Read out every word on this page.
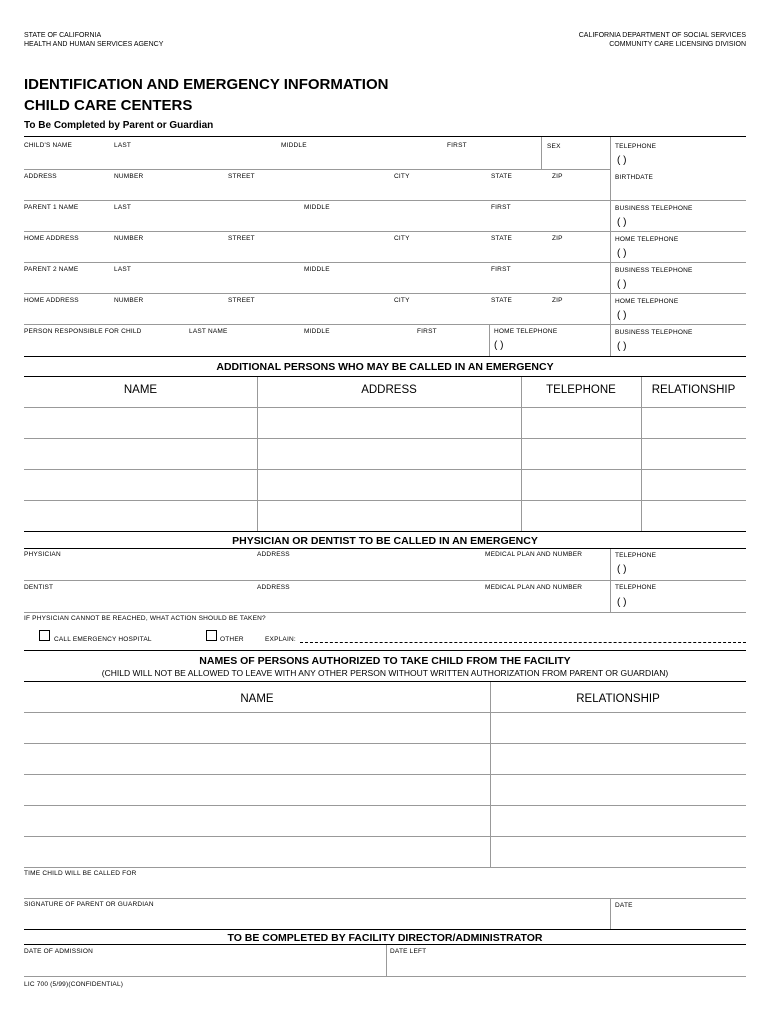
STATE OF CALIFORNIA
HEALTH AND HUMAN SERVICES AGENCY
CALIFORNIA DEPARTMENT OF SOCIAL SERVICES
COMMUNITY CARE LICENSING DIVISION
IDENTIFICATION AND EMERGENCY INFORMATION
CHILD CARE CENTERS
To Be Completed by Parent or Guardian
CHILD'S NAME	LAST	MIDDLE	FIRST	SEX	TELEPHONE
( )
ADDRESS	NUMBER	STREET	CITY	STATE	ZIP	BIRTHDATE
PARENT 1 NAME	LAST	MIDDLE	FIRST	BUSINESS TELEPHONE
( )
HOME ADDRESS	NUMBER	STREET	CITY	STATE	ZIP	HOME TELEPHONE
( )
PARENT 2 NAME	LAST	MIDDLE	FIRST	BUSINESS TELEPHONE
( )
HOME ADDRESS	NUMBER	STREET	CITY	STATE	ZIP	HOME TELEPHONE
( )
PERSON RESPONSIBLE FOR CHILD	LAST NAME	MIDDLE	FIRST	HOME TELEPHONE
( )
BUSINESS TELEPHONE
( )
ADDITIONAL PERSONS WHO MAY BE CALLED IN AN EMERGENCY
NAME	ADDRESS	TELEPHONE	RELATIONSHIP
PHYSICIAN OR DENTIST TO BE CALLED IN AN EMERGENCY
PHYSICIAN	ADDRESS	MEDICAL PLAN AND NUMBER	TELEPHONE
( )
DENTIST	ADDRESS	MEDICAL PLAN AND NUMBER	TELEPHONE
( )
IF PHYSICIAN CANNOT BE REACHED, WHAT ACTION SHOULD BE TAKEN?
CALL EMERGENCY HOSPITAL	OTHER	EXPLAIN:
NAMES OF PERSONS AUTHORIZED TO TAKE CHILD FROM THE FACILITY
(CHILD WILL NOT BE ALLOWED TO LEAVE WITH ANY OTHER PERSON WITHOUT WRITTEN AUTHORIZATION FROM PARENT OR GUARDIAN)
NAME	RELATIONSHIP
TIME CHILD WILL BE CALLED FOR
SIGNATURE OF PARENT OR GUARDIAN	DATE
TO BE COMPLETED BY FACILITY DIRECTOR/ADMINISTRATOR
DATE OF ADMISSION	DATE LEFT
LIC 700 (5/99)(CONFIDENTIAL)
